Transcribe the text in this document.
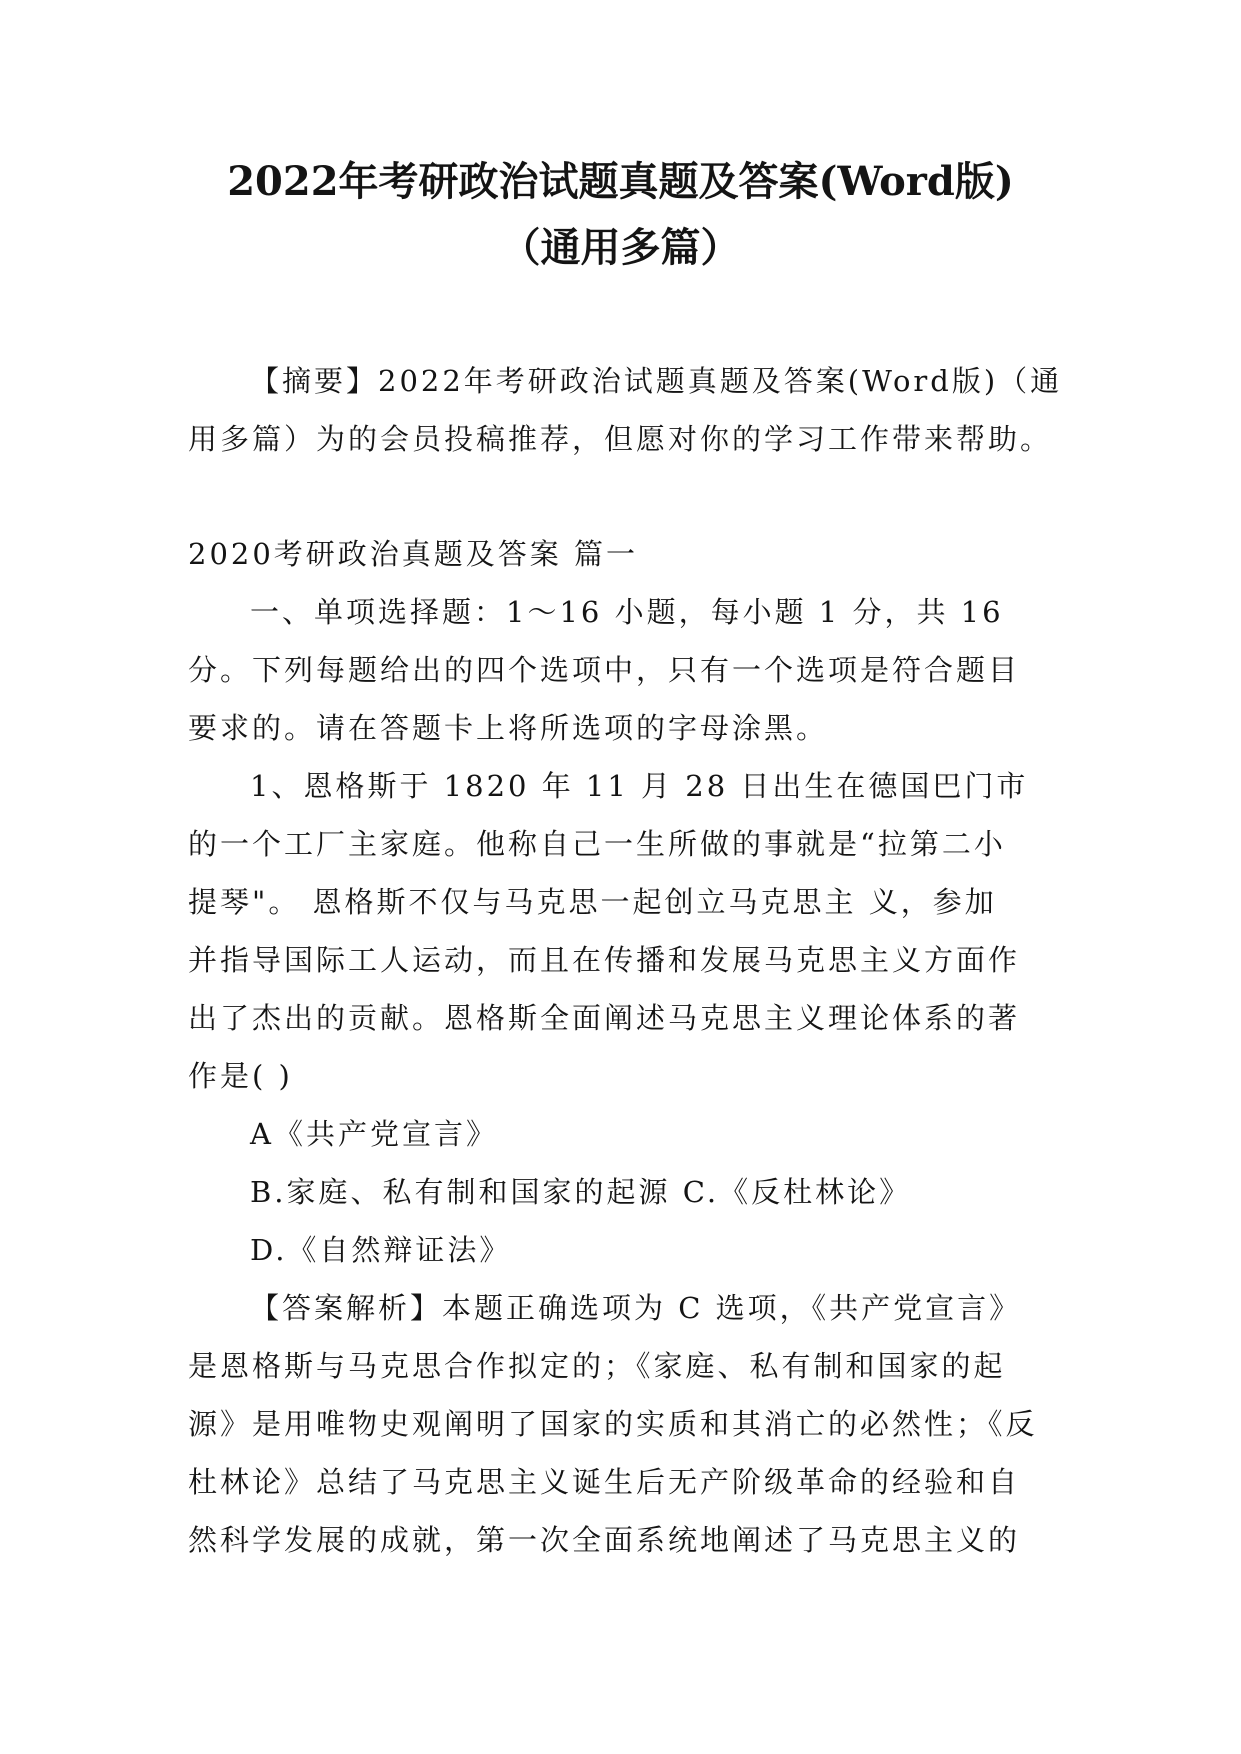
2022年考研政治试题真题及答案(Word版)
（通用多篇）
【摘要】2022年考研政治试题真题及答案(Word版)（通
用多篇）为的会员投稿推荐，但愿对你的学习工作带来帮助。
2020考研政治真题及答案 篇一
一、单项选择题：1～16 小题，每小题 1 分，共 16
分。下列每题给出的四个选项中，只有一个选项是符合题目
要求的。请在答题卡上将所选项的字母涂黑。
1、恩格斯于 1820 年 11 月 28 日出生在德国巴门市
的一个工厂主家庭。他称自己一生所做的事就是“拉第二小
提琴"。 恩格斯不仅与马克思一起创立马克思主 义，参加
并指导国际工人运动，而且在传播和发展马克思主义方面作
出了杰出的贡献。恩格斯全面阐述马克思主义理论体系的著
作是( )
A《共产党宣言》
B.家庭、私有制和国家的起源 C.《反杜林论》
D.《自然辩证法》
【答案解析】本题正确选项为 C 选项，《共产党宣言》
是恩格斯与马克思合作拟定的；《家庭、私有制和国家的起
源》是用唯物史观阐明了国家的实质和其消亡的必然性；《反
杜林论》总结了马克思主义诞生后无产阶级革命的经验和自
然科学发展的成就，第一次全面系统地阐述了马克思主义的
